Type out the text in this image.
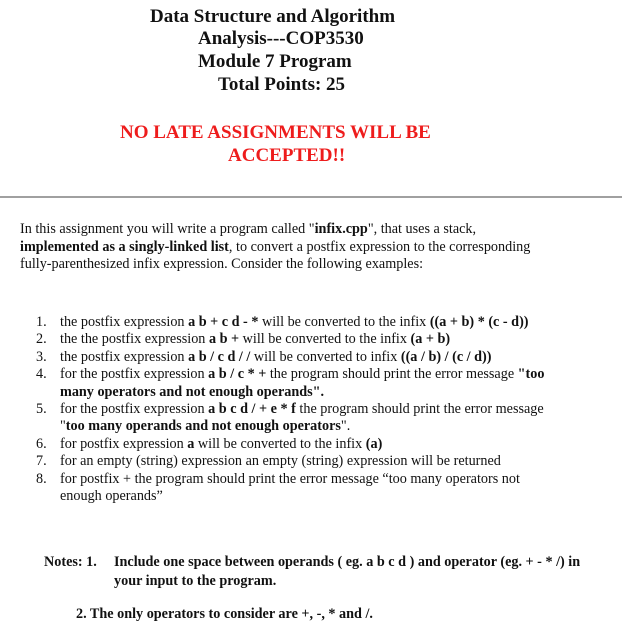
Data Structure and Algorithm
Analysis---COP3530
Module 7 Program
Total Points: 25
NO LATE ASSIGNMENTS WILL BE
ACCEPTED!!
In this assignment you will write a program called "infix.cpp", that uses a stack, implemented as a singly-linked list, to convert a postfix expression to the corresponding fully-parenthesized infix expression. Consider the following examples:
1. the postfix expression a b + c d - * will be converted to the infix ((a + b) * (c - d))
2. the the postfix expression a b + will be converted to the infix (a + b)
3. the postfix expression a b / c d / / will be converted to infix ((a / b) / (c / d))
4. for the postfix expression a b / c * + the program should print the error message "too many operators and not enough operands".
5. for the postfix expression a b c d / + e * f the program should print the error message "too many operands and not enough operators".
6. for postfix expression a will be converted to the infix (a)
7. for an empty (string) expression an empty (string) expression will be returned
8. for postfix + the program should print the error message “too many operators not enough operands”
Notes: 1. Include one space between operands ( eg. a b c d ) and operator (eg. + - * /) in your input to the program.
2. The only operators to consider are +, -, * and /.
